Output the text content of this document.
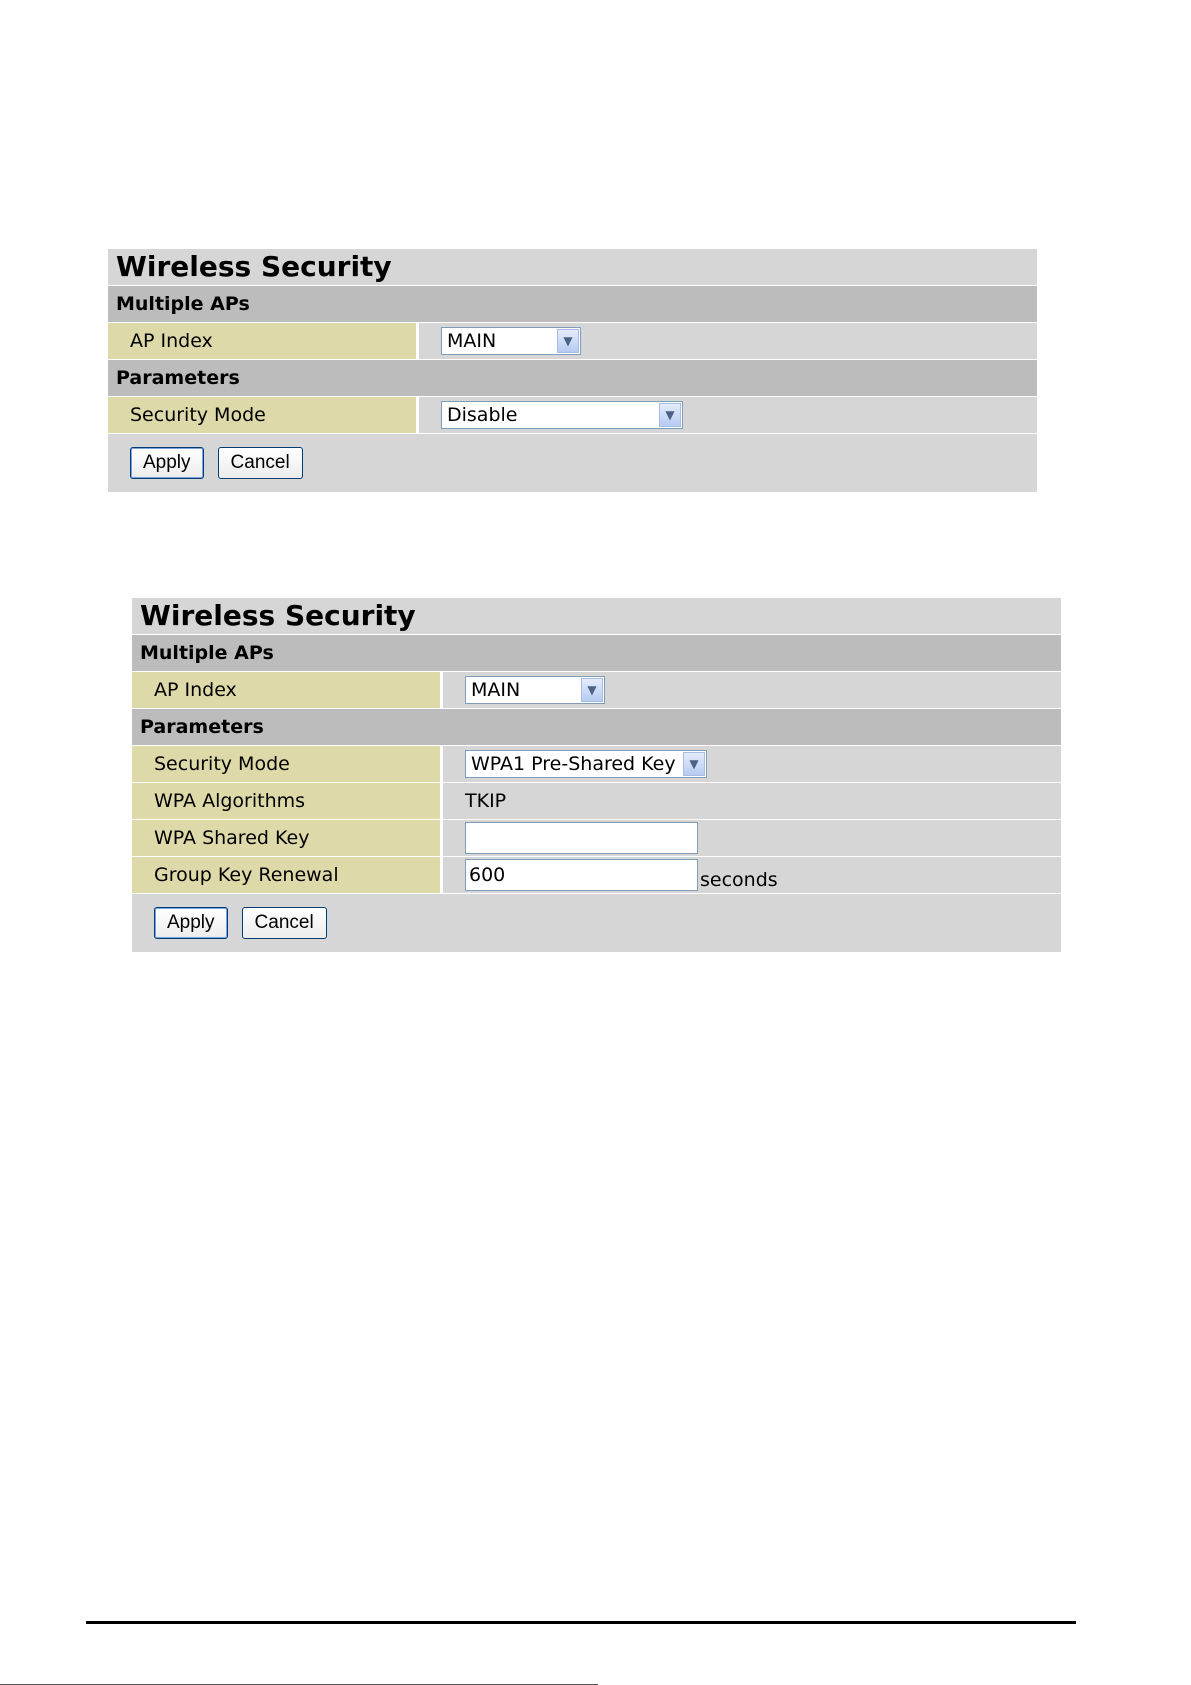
Wireless Security
Multiple APs
AP Index	MAIN	▼
Parameters
Security Mode	Disable	▼
Apply	Cancel
Wireless Security
Multiple APs
AP Index	MAIN	▼
Parameters
Security Mode	WPA1 Pre-Shared Key	▼
WPA Algorithms	TKIP
WPA Shared Key
Group Key Renewal	600	seconds
Apply	Cancel
